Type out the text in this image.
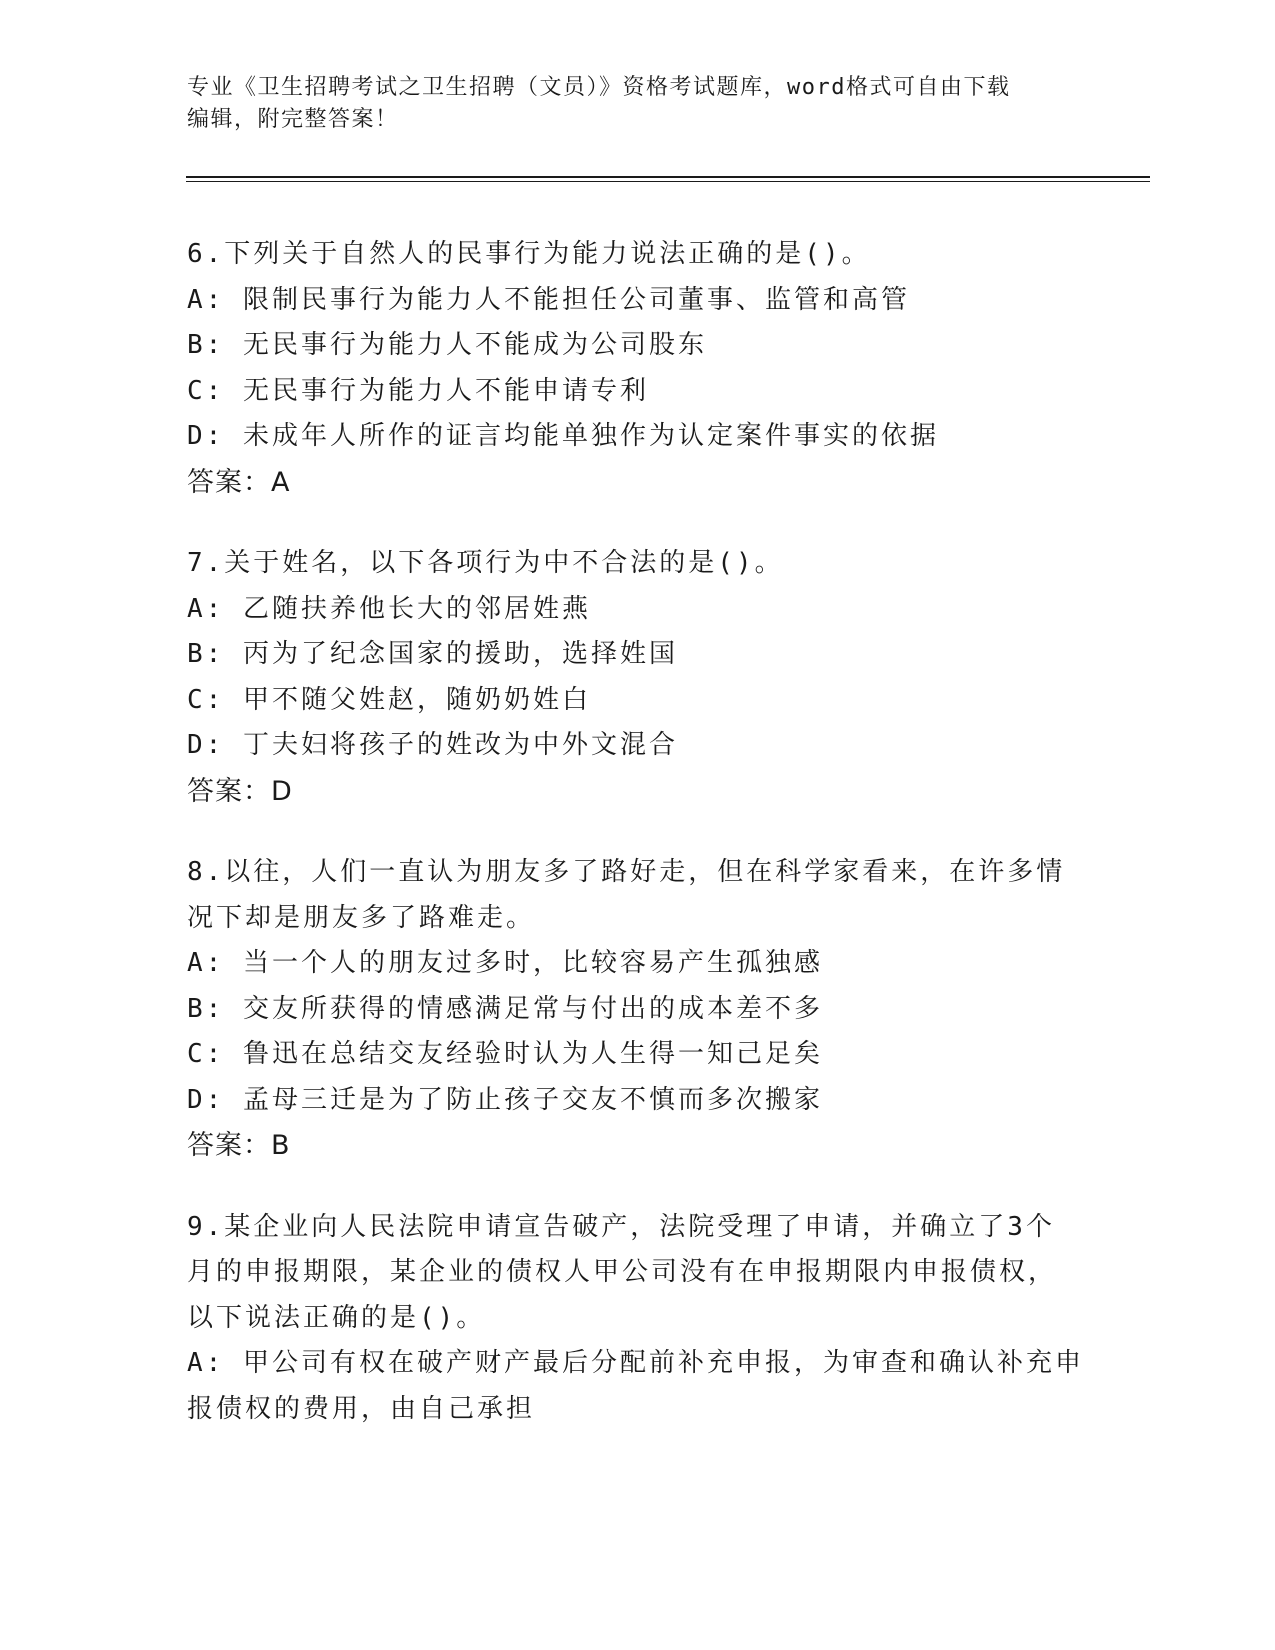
专业《卫生招聘考试之卫生招聘（文员）》资格考试题库，word格式可自由下载
编辑，附完整答案！
6.下列关于自然人的民事行为能力说法正确的是()。
A: 限制民事行为能力人不能担任公司董事、监管和高管
B: 无民事行为能力人不能成为公司股东
C: 无民事行为能力人不能申请专利
D: 未成年人所作的证言均能单独作为认定案件事实的依据
答案：A
7.关于姓名，以下各项行为中不合法的是()。
A: 乙随扶养他长大的邻居姓燕
B: 丙为了纪念国家的援助，选择姓国
C: 甲不随父姓赵，随奶奶姓白
D: 丁夫妇将孩子的姓改为中外文混合
答案：D
8.以往，人们一直认为朋友多了路好走，但在科学家看来，在许多情
况下却是朋友多了路难走。
A: 当一个人的朋友过多时，比较容易产生孤独感
B: 交友所获得的情感满足常与付出的成本差不多
C: 鲁迅在总结交友经验时认为人生得一知己足矣
D: 孟母三迁是为了防止孩子交友不慎而多次搬家
答案：B
9.某企业向人民法院申请宣告破产，法院受理了申请，并确立了3个
月的申报期限，某企业的债权人甲公司没有在申报期限内申报债权，
以下说法正确的是()。
A: 甲公司有权在破产财产最后分配前补充申报，为审查和确认补充申
报债权的费用，由自己承担
